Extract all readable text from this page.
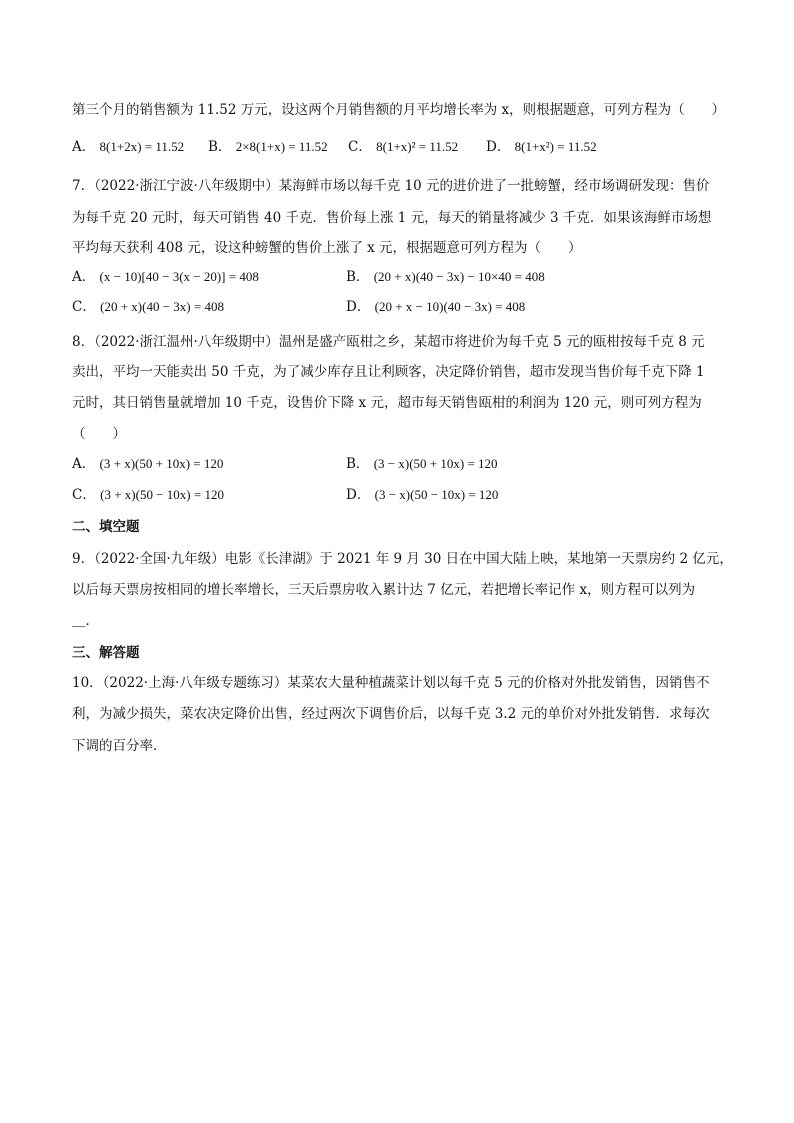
第三个月的销售额为 11.52 万元，设这两个月销售额的月平均增长率为 x，则根据题意，可列方程为（　　）
A． 8(1+2x) = 11.52 B． 2×8(1+x) = 11.52 C． 8(1+x)² = 11.52 D． 8(1+x²) = 11.52
7．（2022·浙江宁波·八年级期中）某海鲜市场以每千克 10 元的进价进了一批螃蟹，经市场调研发现：售价
为每千克 20 元时，每天可销售 40 千克．售价每上涨 1 元，每天的销量将减少 3 千克．如果该海鲜市场想
平均每天获利 408 元，设这种螃蟹的售价上涨了 x 元，根据题意可列方程为（　　）
A． (x − 10)[40 − 3(x − 20)] = 408	B． (20 + x)(40 − 3x) − 10×40 = 408
C． (20 + x)(40 − 3x) = 408	D． (20 + x − 10)(40 − 3x) = 408
8．（2022·浙江温州·八年级期中）温州是盛产瓯柑之乡，某超市将进价为每千克 5 元的瓯柑按每千克 8 元
卖出，平均一天能卖出 50 千克，为了减少库存且让利顾客，决定降价销售，超市发现当售价每千克下降 1
元时，其日销售量就增加 10 千克，设售价下降 x 元，超市每天销售瓯柑的利润为 120 元，则可列方程为
（　　）
A． (3 + x)(50 + 10x) = 120	B． (3 − x)(50 + 10x) = 120
C． (3 + x)(50 − 10x) = 120	D． (3 − x)(50 − 10x) = 120
二、填空题
9．（2022·全国·九年级）电影《长津湖》于 2021 年 9 月 30 日在中国大陆上映，某地第一天票房约 2 亿元，
以后每天票房按相同的增长率增长，三天后票房收入累计达 7 亿元，若把增长率记作 x，则方程可以列为
＿．
三、解答题
10．（2022·上海·八年级专题练习）某菜农大量种植蔬菜计划以每千克 5 元的价格对外批发销售，因销售不
利，为减少损失，菜农决定降价出售，经过两次下调售价后，以每千克 3.2 元的单价对外批发销售．求每次
下调的百分率．
